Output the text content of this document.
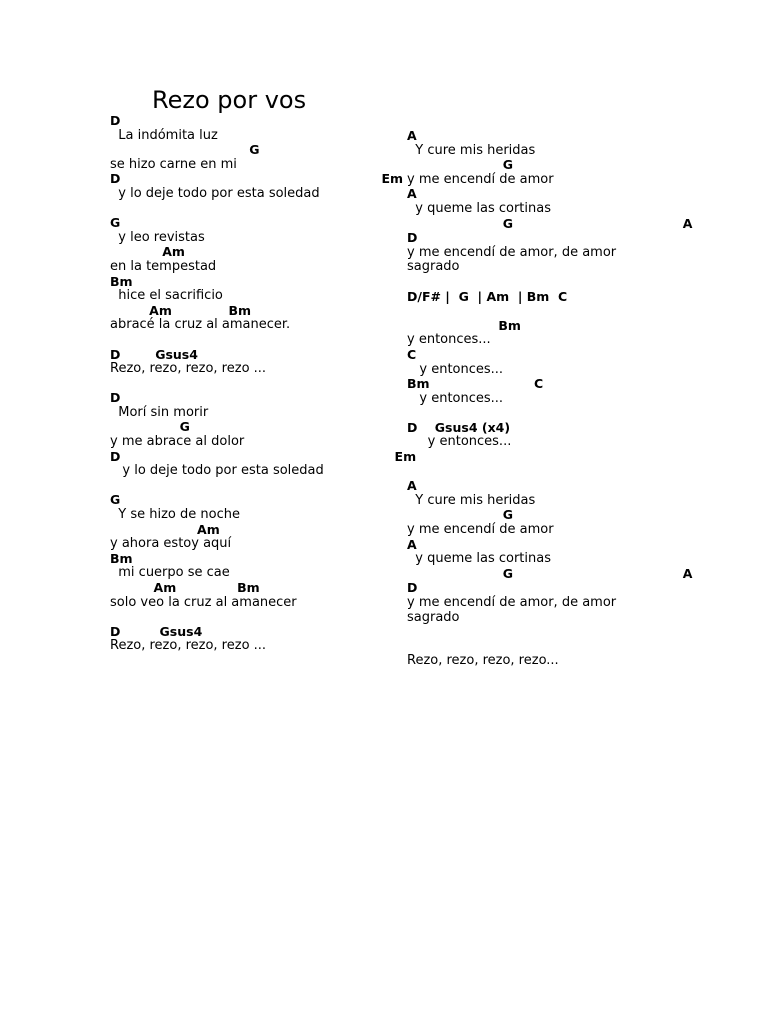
Rezo por vos
D
La indómita luz
G
se hizo carne en mi
D                                                            Em
y lo deje todo por esta soledad
G
y leo revistas
Am
en la tempestad
Bm
hice el sacrificio
Am             Bm
abracé la cruz al amanecer.
D        Gsus4
Rezo, rezo, rezo, rezo ...
D
Morí sin morir
G
y me abrace al dolor
D                                                               Em
y lo deje todo por esta soledad
G
Y se hizo de noche
Am
y ahora estoy aquí
Bm
mi cuerpo se cae
Am              Bm
solo veo la cruz al amanecer
D         Gsus4
Rezo, rezo, rezo, rezo ...
A
Y cure mis heridas
G
y me encendí de amor
A
y queme las cortinas
G                                       A
D
y me encendí de amor, de amor
sagrado
D/F# |  G  | Am  | Bm  C
Bm
y entonces...
C
y entonces...
Bm                        C
y entonces...
D    Gsus4 (x4)
y entonces...
A
Y cure mis heridas
G
y me encendí de amor
A
y queme las cortinas
G                                       A
D
y me encendí de amor, de amor
sagrado
Rezo, rezo, rezo, rezo...
